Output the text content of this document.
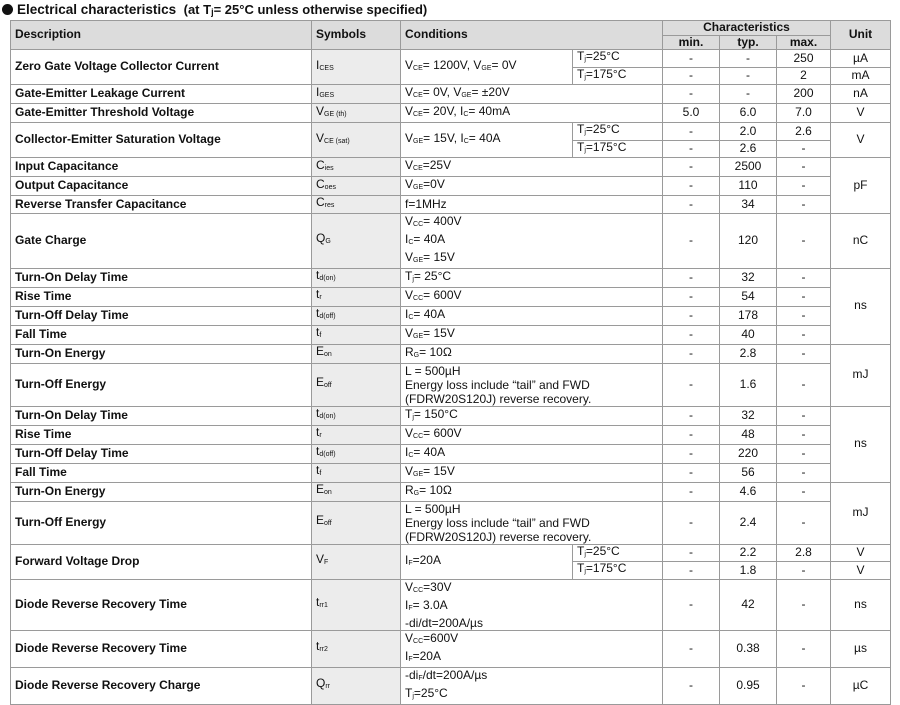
Electrical characteristics (at $T_j= 25^\circ C$ unless otherwise specified)
Description	Symbols	Conditions		Characteristics			Unit
				min.	typ.	max.	
Zero Gate Voltage Collector Current	$I_{CES}$	$V_{CE}= 1200V$, $V_{GE}= 0V$	$T_j=25^\circ C$	-	-	250	µA
			$T_j=175^\circ C$	-	-	2	mA
Gate-Emitter Leakage Current	$I_{GES}$	$V_{CE}= 0V$, $V_{GE}= \pm 20V$		-	-	200	nA
Gate-Emitter Threshold Voltage	$V_{GE (th)}$	$V_{CE}= 20V$, $I_C= 40mA$		5.0	6.0	7.0	V
Collector-Emitter Saturation Voltage	$V_{CE (sat)}$	$V_{GE}= 15V$, $I_C= 40A$	$T_j=25^\circ C$	-	2.0	2.6	V
			$T_j=175^\circ C$	-	2.6	-	
Input Capacitance	$C_{ies}$	$V_{CE}=25V$		-	2500	-	pF
Output Capacitance	$C_{oes}$	$V_{GE}=0V$		-	110	-	
Reverse Transfer Capacitance	$C_{res}$	f=1MHz		-	34	-	
Gate Charge	$Q_G$	$V_{CC}= 400V$
$I_C= 40A$
$V_{GE}= 15V$		-	120	-	nC
Turn-On Delay Time	$t_{d(on)}$	$T_j= 25^\circ C$		-	32	-	ns
Rise Time	$t_r$	$V_{CC}= 600V$		-	54	-	
Turn-Off Delay Time	$t_{d(off)}$	$I_C= 40A$		-	178	-	
Fall Time	$t_f$	$V_{GE}= 15V$		-	40	-	
Turn-On Energy	$E_{on}$	$R_G= 10\Omega$		-	2.8	-	mJ
Turn-Off Energy	$E_{off}$	L = 500µH
Energy loss include “tail” and FWD
(FDRW20S120J) reverse recovery.		-	1.6	-	
Turn-On Delay Time	$t_{d(on)}$	$T_j= 150^\circ C$		-	32	-	ns
Rise Time	$t_r$	$V_{CC}= 600V$		-	48	-	
Turn-Off Delay Time	$t_{d(off)}$	$I_C= 40A$		-	220	-	
Fall Time	$t_f$	$V_{GE}= 15V$		-	56	-	
Turn-On Energy	$E_{on}$	$R_G= 10\Omega$		-	4.6	-	mJ
Turn-Off Energy	$E_{off}$	L = 500µH
Energy loss include “tail” and FWD
(FDRW20S120J) reverse recovery.		-	2.4	-	
Forward Voltage Drop	$V_F$	$I_F=20A$	$T_j=25^\circ C$	-	2.2	2.8	V
			$T_j=175^\circ C$	-	1.8	-	V
Diode Reverse Recovery Time	$t_{rr1}$	$V_{CC}=30V$
$I_F= 3.0A$
-di/dt=200A/µs		-	42	-	ns
Diode Reverse Recovery Time	$t_{rr2}$	$V_{CC}=600V$
$I_F=20A$		-	0.38	-	µs
Diode Reverse Recovery Charge	$Q_{rr}$	$-di_F/dt=200A/\mu s$
$T_j=25^\circ C$		-	0.95	-	µC
